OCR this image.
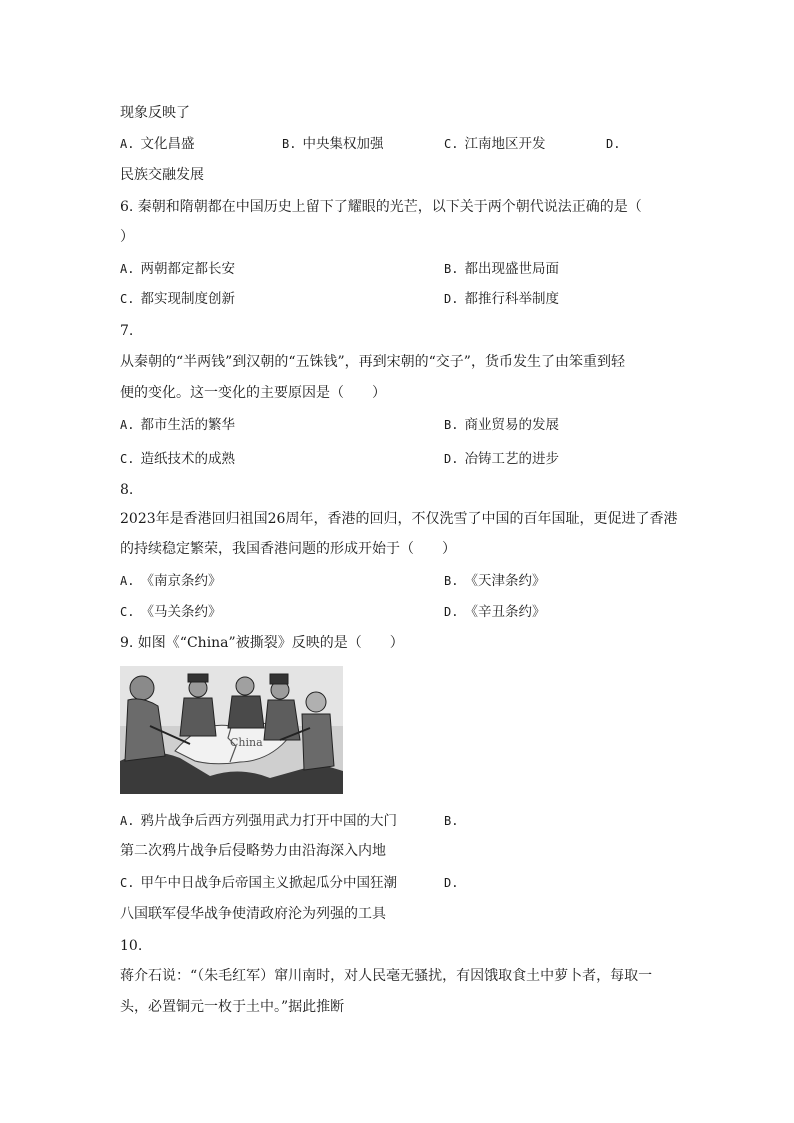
现象反映了
A. 文化昌盛	B. 中央集权加强	C. 江南地区开发	D.
民族交融发展
6. 秦朝和隋朝都在中国历史上留下了耀眼的光芒，以下关于两个朝代说法正确的是（
）
A. 两朝都定都长安	B. 都出现盛世局面
C. 都实现制度创新	D. 都推行科举制度
7.
从秦朝的“半两钱”到汉朝的“五铢钱”，再到宋朝的“交子”，货币发生了由笨重到轻
便的变化。这一变化的主要原因是（　　）
A. 都市生活的繁华	B. 商业贸易的发展
C. 造纸技术的成熟	D. 冶铸工艺的进步
8.
2023年是香港回归祖国26周年，香港的回归，不仅洗雪了中国的百年国耻，更促进了香港
的持续稳定繁荣，我国香港问题的形成开始于（　　）
A. 《南京条约》	B. 《天津条约》
C. 《马关条约》	D. 《辛丑条约》
9. 如图《“China”被撕裂》反映的是（　　）
China
A. 鸦片战争后西方列强用武力打开中国的大门	B.
第二次鸦片战争后侵略势力由沿海深入内地
C. 甲午中日战争后帝国主义掀起瓜分中国狂潮	D.
八国联军侵华战争使清政府沦为列强的工具
10.
蒋介石说：“（朱毛红军）窜川南时，对人民毫无骚扰，有因饿取食土中萝卜者，每取一
头，必置铜元一枚于土中。”据此推断
